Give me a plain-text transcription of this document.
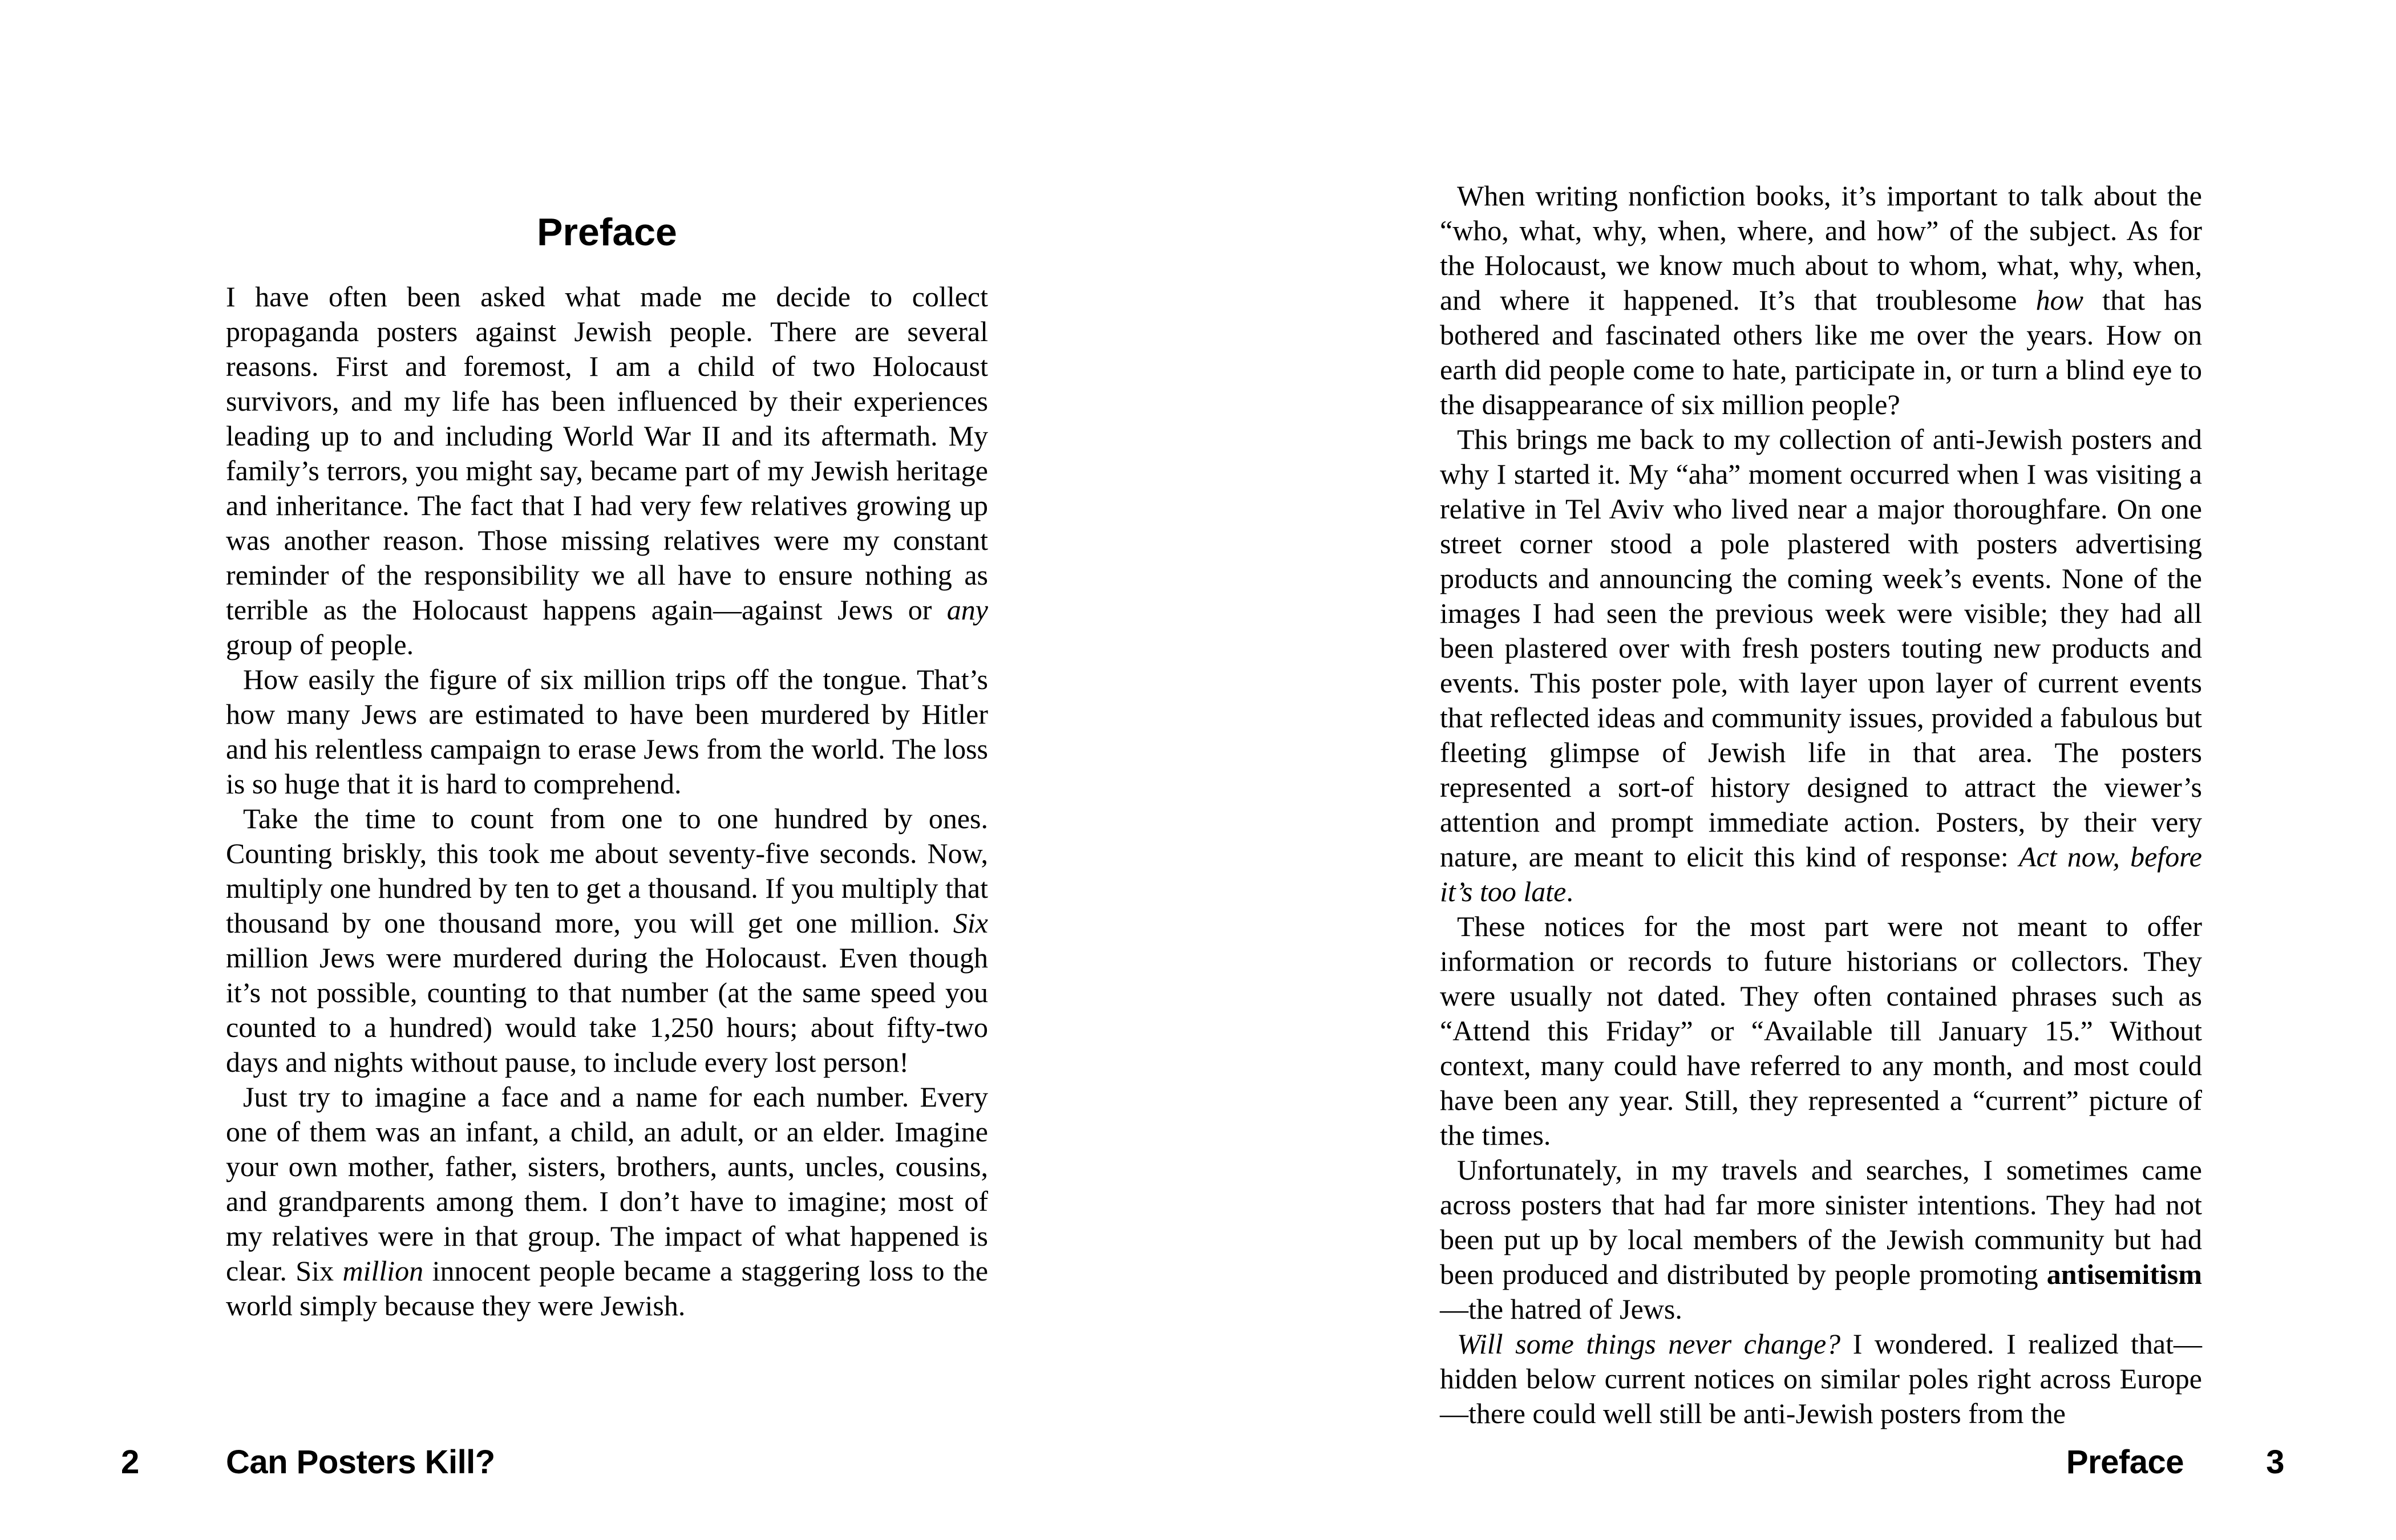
Preface

I have often been asked what made me decide to collect propaganda posters against Jewish people. There are several reasons. First and foremost, I am a child of two Holocaust survivors, and my life has been influenced by their experiences leading up to and including World War II and its aftermath. My family’s terrors, you might say, became part of my Jewish heritage and inheritance. The fact that I had very few relatives growing up was another reason. Those missing relatives were my constant reminder of the responsibility we all have to ensure nothing as terrible as the Holocaust happens again—against Jews or any group of people.

How easily the figure of six million trips off the tongue. That’s how many Jews are estimated to have been murdered by Hitler and his relentless campaign to erase Jews from the world. The loss is so huge that it is hard to comprehend.

Take the time to count from one to one hundred by ones. Counting briskly, this took me about seventy-five seconds. Now, multiply one hundred by ten to get a thousand. If you multiply that thousand by one thousand more, you will get one million. Six million Jews were murdered during the Holocaust. Even though it’s not possible, counting to that number (at the same speed you counted to a hundred) would take 1,250 hours; about fifty-two days and nights without pause, to include every lost person!

Just try to imagine a face and a name for each number. Every one of them was an infant, a child, an adult, or an elder. Imagine your own mother, father, sisters, brothers, aunts, uncles, cousins, and grandparents among them. I don’t have to imagine; most of my relatives were in that group. The impact of what happened is clear. Six million innocent people became a staggering loss to the world simply because they were Jewish.

2	Can Posters Kill?

When writing nonfiction books, it’s important to talk about the “who, what, why, when, where, and how” of the subject. As for the Holocaust, we know much about to whom, what, why, when, and where it happened. It’s that troublesome how that has bothered and fascinated others like me over the years. How on earth did people come to hate, participate in, or turn a blind eye to the disappearance of six million people?

This brings me back to my collection of anti-Jewish posters and why I started it. My “aha” moment occurred when I was visiting a relative in Tel Aviv who lived near a major thoroughfare. On one street corner stood a pole plastered with posters advertising products and announcing the coming week’s events. None of the images I had seen the previous week were visible; they had all been plastered over with fresh posters touting new products and events. This poster pole, with layer upon layer of current events that reflected ideas and community issues, provided a fabulous but fleeting glimpse of Jewish life in that area. The posters represented a sort-of history designed to attract the viewer’s attention and prompt immediate action. Posters, by their very nature, are meant to elicit this kind of response: Act now, before it’s too late.

These notices for the most part were not meant to offer information or records to future historians or collectors. They were usually not dated. They often contained phrases such as “Attend this Friday” or “Available till January 15.” Without context, many could have referred to any month, and most could have been any year. Still, they represented a “current” picture of the times.

Unfortunately, in my travels and searches, I sometimes came across posters that had far more sinister intentions. They had not been put up by local members of the Jewish community but had been produced and distributed by people promoting antisemitism—the hatred of Jews.

Will some things never change? I wondered. I realized that—hidden below current notices on similar poles right across Europe—there could well still be anti-Jewish posters from the

Preface 3
